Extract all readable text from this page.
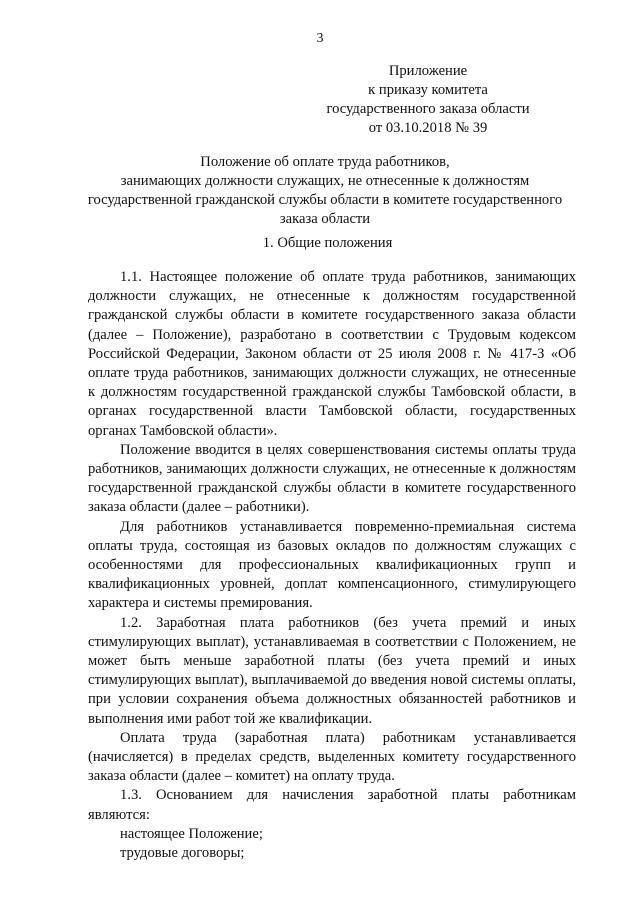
3
Приложение
к приказу комитета
государственного заказа области
от 03.10.2018 № 39
Положение об оплате труда работников,
занимающих должности служащих, не отнесенные к должностям
государственной гражданской службы области в комитете государственного
заказа области
1. Общие положения

1.1. Настоящее положение об оплате труда работников, занимающих должности служащих, не отнесенные к должностям государственной гражданской службы области в комитете государственного заказа области (далее – Положение), разработано в соответствии с Трудовым кодексом Российской Федерации, Законом области от 25 июля 2008 г. № 417-З «Об оплате труда работников, занимающих должности служащих, не отнесенные к должностям государственной гражданской службы Тамбовской области, в органах государственной власти Тамбовской области, государственных органах Тамбовской области».

Положение вводится в целях совершенствования системы оплаты труда работников, занимающих должности служащих, не отнесенные к должностям государственной гражданской службы области в комитете государственного заказа области (далее – работники).

Для работников устанавливается повременно-премиальная система оплаты труда, состоящая из базовых окладов по должностям служащих с особенностями для профессиональных квалификационных групп и квалификационных уровней, доплат компенсационного, стимулирующего характера и системы премирования.

1.2. Заработная плата работников (без учета премий и иных стимулирующих выплат), устанавливаемая в соответствии с Положением, не может быть меньше заработной платы (без учета премий и иных стимулирующих выплат), выплачиваемой до введения новой системы оплаты, при условии сохранения объема должностных обязанностей работников и выполнения ими работ той же квалификации.

Оплата труда (заработная плата) работникам устанавливается (начисляется) в пределах средств, выделенных комитету государственного заказа области (далее – комитет) на оплату труда.

1.3. Основанием для начисления заработной платы работникам являются:

настоящее Положение;

трудовые договоры;
